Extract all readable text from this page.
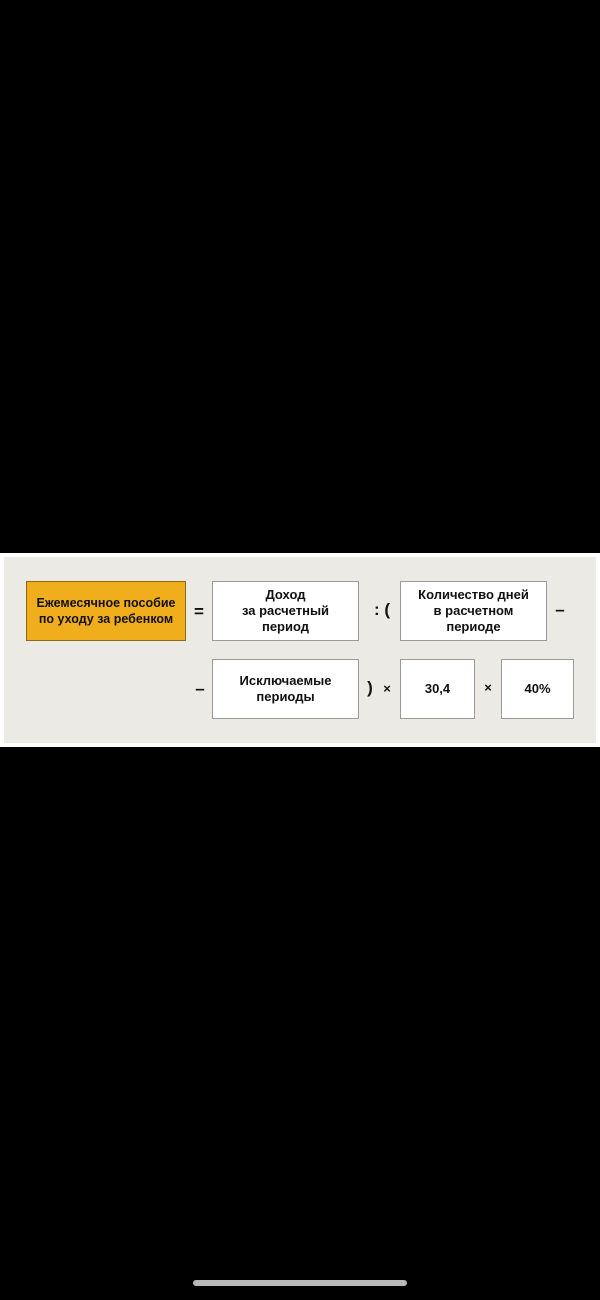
Ежемесячное пособие
по уходу за ребенком	=
Доход
за расчетный
период
: (
Количество дней
в расчетном
периоде
–
–	Исключаемые
периоды	) ×	30,4	×	40%
